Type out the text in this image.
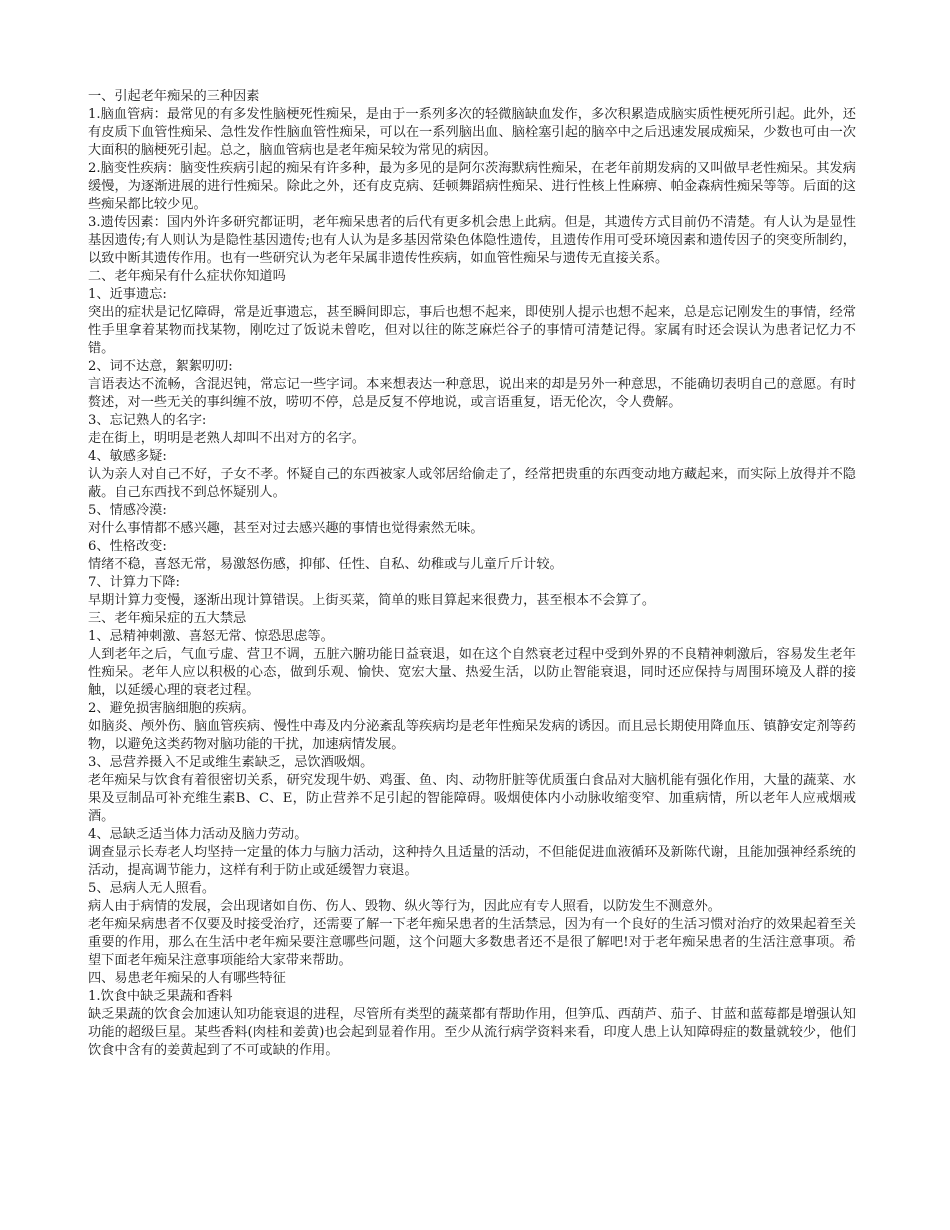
一、引起老年痴呆的三种因素

1.脑血管病：最常见的有多发性脑梗死性痴呆，是由于一系列多次的轻微脑缺血发作，多次积累造成脑实质性梗死所引起。此外，还有皮质下血管性痴呆、急性发作性脑血管性痴呆，可以在一系列脑出血、脑栓塞引起的脑卒中之后迅速发展成痴呆，少数也可由一次大面积的脑梗死引起。总之，脑血管病也是老年痴呆较为常见的病因。

2.脑变性疾病：脑变性疾病引起的痴呆有许多种，最为多见的是阿尔茨海默病性痴呆，在老年前期发病的又叫做早老性痴呆。其发病缓慢，为逐渐进展的进行性痴呆。除此之外，还有皮克病、廷顿舞蹈病性痴呆、进行性核上性麻痹、帕金森病性痴呆等等。后面的这些痴呆都比较少见。

3.遗传因素：国内外许多研究都证明，老年痴呆患者的后代有更多机会患上此病。但是，其遗传方式目前仍不清楚。有人认为是显性基因遗传;有人则认为是隐性基因遗传;也有人认为是多基因常染色体隐性遗传，且遗传作用可受环境因素和遗传因子的突变所制约，以致中断其遗传作用。也有一些研究认为老年呆属非遗传性疾病，如血管性痴呆与遗传无直接关系。

二、老年痴呆有什么症状你知道吗

1、近事遗忘:

突出的症状是记忆障碍，常是近事遗忘，甚至瞬间即忘，事后也想不起来，即使别人提示也想不起来，总是忘记刚发生的事情，经常性手里拿着某物而找某物，刚吃过了饭说未曾吃，但对以往的陈芝麻烂谷子的事情可清楚记得。家属有时还会误认为患者记忆力不错。

2、词不达意，絮絮叨叨:

言语表达不流畅，含混迟钝，常忘记一些字词。本来想表达一种意思，说出来的却是另外一种意思，不能确切表明自己的意愿。有时赘述，对一些无关的事纠缠不放，唠叨不停，总是反复不停地说，或言语重复，语无伦次，令人费解。

3、忘记熟人的名字:

走在街上，明明是老熟人却叫不出对方的名字。

4、敏感多疑:

认为亲人对自己不好，子女不孝。怀疑自己的东西被家人或邻居给偷走了，经常把贵重的东西变动地方藏起来，而实际上放得并不隐蔽。自己东西找不到总怀疑别人。

5、情感冷漠:

对什么事情都不感兴趣，甚至对过去感兴趣的事情也觉得索然无味。

6、性格改变:

情绪不稳，喜怒无常，易激怒伤感，抑郁、任性、自私、幼稚或与儿童斤斤计较。

7、计算力下降:

早期计算力变慢，逐渐出现计算错误。上街买菜，简单的账目算起来很费力，甚至根本不会算了。

三、老年痴呆症的五大禁忌

1、忌精神刺激、喜怒无常、惊恐思虑等。

人到老年之后，气血亏虚、营卫不调，五脏六腑功能日益衰退，如在这个自然衰老过程中受到外界的不良精神刺激后，容易发生老年性痴呆。老年人应以积极的心态，做到乐观、愉快、宽宏大量、热爱生活，以防止智能衰退，同时还应保持与周围环境及人群的接触，以延缓心理的衰老过程。

2、避免损害脑细胞的疾病。

如脑炎、颅外伤、脑血管疾病、慢性中毒及内分泌紊乱等疾病均是老年性痴呆发病的诱因。而且忌长期使用降血压、镇静安定剂等药物，以避免这类药物对脑功能的干扰，加速病情发展。

3、忌营养摄入不足或维生素缺乏，忌饮酒吸烟。

老年痴呆与饮食有着很密切关系，研究发现牛奶、鸡蛋、鱼、肉、动物肝脏等优质蛋白食品对大脑机能有强化作用，大量的蔬菜、水果及豆制品可补充维生素B、C、E，防止营养不足引起的智能障碍。吸烟使体内小动脉收缩变窄、加重病情，所以老年人应戒烟戒酒。

4、忌缺乏适当体力活动及脑力劳动。

调查显示长寿老人均坚持一定量的体力与脑力活动，这种持久且适量的活动，不但能促进血液循环及新陈代谢，且能加强神经系统的活动，提高调节能力，这样有利于防止或延缓智力衰退。

5、忌病人无人照看。

病人由于病情的发展，会出现诸如自伤、伤人、毁物、纵火等行为，因此应有专人照看，以防发生不测意外。

老年痴呆病患者不仅要及时接受治疗，还需要了解一下老年痴呆患者的生活禁忌，因为有一个良好的生活习惯对治疗的效果起着至关重要的作用，那么在生活中老年痴呆要注意哪些问题，这个问题大多数患者还不是很了解吧!对于老年痴呆患者的生活注意事项。希望下面老年痴呆注意事项能给大家带来帮助。

四、易患老年痴呆的人有哪些特征

1.饮食中缺乏果蔬和香料

缺乏果蔬的饮食会加速认知功能衰退的进程，尽管所有类型的蔬菜都有帮助作用，但笋瓜、西葫芦、茄子、甘蓝和蓝莓都是增强认知功能的超级巨星。某些香料(肉桂和姜黄)也会起到显着作用。至少从流行病学资料来看，印度人患上认知障碍症的数量就较少，他们饮食中含有的姜黄起到了不可或缺的作用。
